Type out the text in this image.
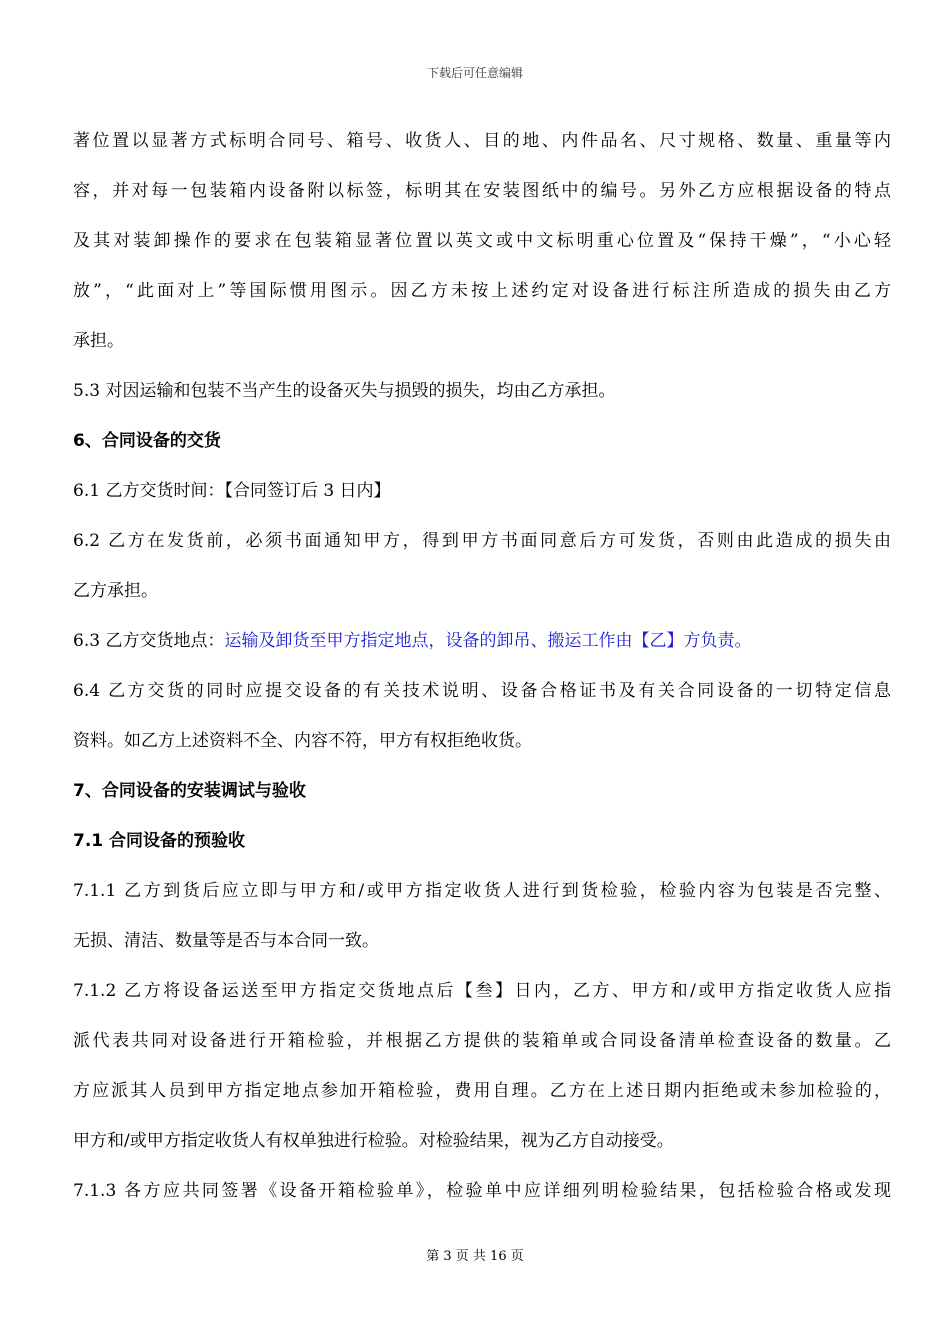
下载后可任意编辑
著位置以显著方式标明合同号、箱号、收货人、目的地、内件品名、尺寸规格、数量、重量等内
容，并对每一包装箱内设备附以标签，标明其在安装图纸中的编号。另外乙方应根据设备的特点
及其对装卸操作的要求在包装箱显著位置以英文或中文标明重心位置及“保持干燥”，“小心轻
放”，“此面对上”等国际惯用图示。因乙方未按上述约定对设备进行标注所造成的损失由乙方
承担。
5.3 对因运输和包装不当产生的设备灭失与损毁的损失，均由乙方承担。
6、合同设备的交货
6.1 乙方交货时间：【合同签订后 3 日内】
6.2 乙方在发货前，必须书面通知甲方，得到甲方书面同意后方可发货，否则由此造成的损失由
乙方承担。
6.3 乙方交货地点：运输及卸货至甲方指定地点，设备的卸吊、搬运工作由【乙】方负责。
6.4 乙方交货的同时应提交设备的有关技术说明、设备合格证书及有关合同设备的一切特定信息
资料。如乙方上述资料不全、内容不符，甲方有权拒绝收货。
7、合同设备的安装调试与验收
7.1 合同设备的预验收
7.1.1 乙方到货后应立即与甲方和/或甲方指定收货人进行到货检验，检验内容为包装是否完整、
无损、清洁、数量等是否与本合同一致。
7.1.2 乙方将设备运送至甲方指定交货地点后【叁】日内，乙方、甲方和/或甲方指定收货人应指
派代表共同对设备进行开箱检验，并根据乙方提供的装箱单或合同设备清单检查设备的数量。乙
方应派其人员到甲方指定地点参加开箱检验，费用自理。乙方在上述日期内拒绝或未参加检验的，
甲方和/或甲方指定收货人有权单独进行检验。对检验结果，视为乙方自动接受。
7.1.3 各方应共同签署《设备开箱检验单》，检验单中应详细列明检验结果，包括检验合格或发现
第 3 页 共 16 页
